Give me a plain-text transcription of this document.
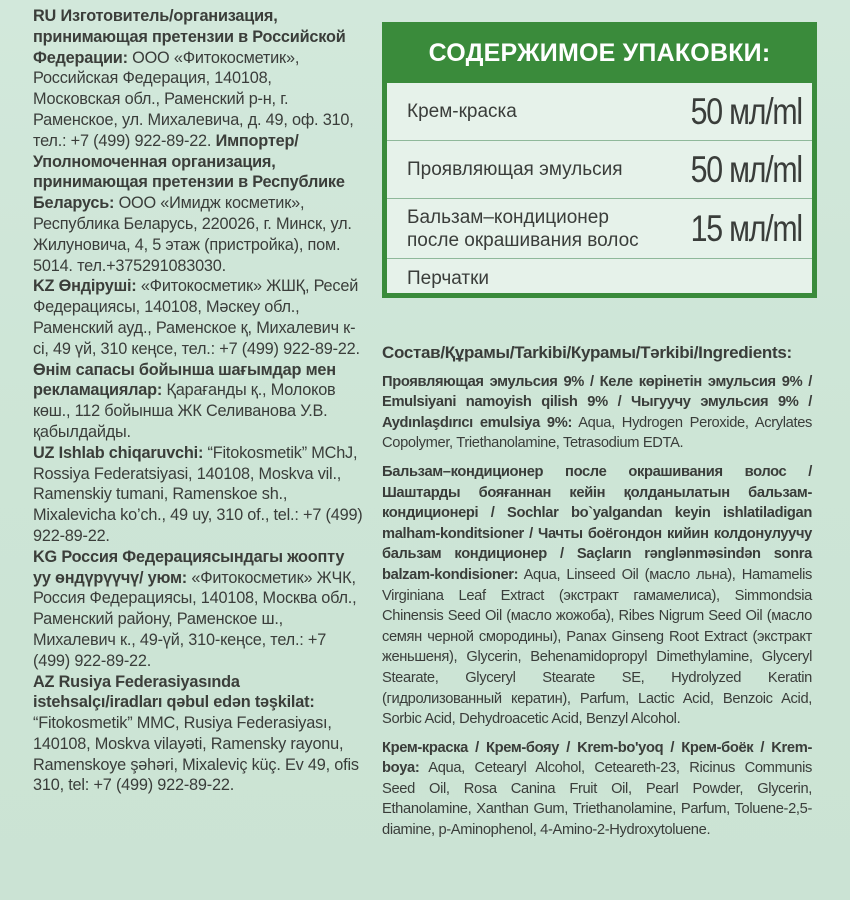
RU Изготовитель/организация, принимающая претензии в Российской Федерации: ООО «Фитокосметик», Российская Федерация, 140108, Московская обл., Раменский р-н, г. Раменское, ул. Михалевича, д. 49, оф. 310, тел.: +7 (499) 922-89-22. Импортер/ Уполномоченная организация, принимающая претензии в Республике Беларусь: ООО «Имидж косметик», Республика Беларусь, 220026, г. Минск, ул. Жилуновича, 4, 5 этаж (пристройка), пом. 5014. тел.+375291083030.

KZ Өндіруші: «Фитокосметик» ЖШҚ, Ресей Федерациясы, 140108, Мәскеу обл., Раменский ауд., Раменское қ, Михалевич к-сі, 49 үй, 310 кеңсе, тел.: +7 (499) 922-89-22. Өнім сапасы бойынша шағымдар мен рекламациялар: Қарағанды қ., Молоков көш., 112 бойынша ЖК Селиванова У.В. қабылдайды.

UZ Ishlab chiqaruvchi: “Fitokosmetik” MChJ, Rossiya Federatsiyasi, 140108, Moskva vil., Ramenskiy tumani, Ramenskoe sh., Mixalevicha ko’ch., 49 uy, 310 of., tel.: +7 (499) 922-89-22.

KG Россия Федерациясындагы жоопту уу ѳндүрүүчү/ уюм: «Фитокосметик» ЖЧК, Россия Федерациясы, 140108, Москва обл., Раменский району, Раменское ш., Михалевич к., 49-үй, 310-кеңсе, тел.: +7 (499) 922-89-22.

AZ Rusiya Federasiyasında istehsalçı/iradları qəbul edən təşkilat: “Fitokosmetik” MMC, Rusiya Federasiyası, 140108, Moskva vilayəti, Ramensky rayonu, Ramenskoye şəhəri, Mixaleviç küç. Ev 49, ofis 310, tel: +7 (499) 922-89-22.

СОДЕРЖИМОЕ УПАКОВКИ:
Крем-краска	50 мл/ml
Проявляющая эмульсия	50 мл/ml
Бальзам–кондиционер после окрашивания волос	15 мл/ml
Перчатки
Состав/Құрамы/Tarkibi/Курамы/Tərkibi/Ingredients:

Проявляющая эмульсия 9% / Келе көрінетін эмульсия 9% / Emulsiyani namoyish qilish 9% / Чыгуучу эмульсия 9% / Aydınlaşdırıcı emulsiya 9%: Aqua, Hydrogen Peroxide, Acrylates Copolymer, Triethanolamine, Tetrasodium EDTA.

Бальзам–кондиционер после окрашивания волос / Шаштарды бояғаннан кейін қолданылатын бальзам-кондиционері / Sochlar bo`yalgandan keyin ishlatiladigan malham-konditsioner / Чачты боёгондон кийин колдонулуучу бальзам кондиционер / Saçların rənglənməsindən sonra balzam-kondisioner: Aqua, Linseed Oil (масло льна), Hamamelis Virginiana Leaf Extract (экстракт гамамелиса), Simmondsia Chinensis Seed Oil (масло жожоба), Ribes Nigrum Seed Oil (масло семян черной смородины), Panax Ginseng Root Extract (экстракт женьшеня), Glycerin, Behenamidopropyl Dimethylamine, Glyceryl Stearate, Glyceryl Stearate SE, Hydrolyzed Keratin (гидролизованный кератин), Parfum, Lactic Acid, Benzoic Acid, Sorbic Acid, Dehydroacetic Acid, Benzyl Alcohol.

Крем-краска / Крем-бояу / Krem-bo'yoq / Крем-боёк / Krem-boya: Aqua, Cetearyl Alcohol, Ceteareth-23, Ricinus Communis Seed Oil, Rosa Canina Fruit Oil, Pearl Powder, Glycerin, Ethanolamine, Xanthan Gum, Triethanolamine, Parfum, Toluene-2,5-diamine, p-Aminophenol, 4-Amino-2-Hydroxytoluene.
